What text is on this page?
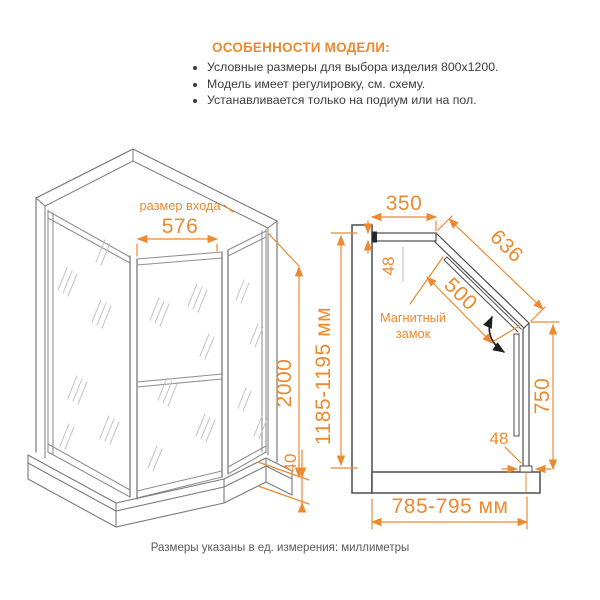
ОСОБЕННОСТИ МОДЕЛИ:
• Условные размеры для выбора изделия 800x1200.
• Модель имеет регулировку, см. схему.
• Устанавливается только на подиум или на пол.
размер входа
576
2000
40
350
48	636
500
Магнитный
замок
750
48
785-795 мм
1185-1195 мм
Размеры указаны в ед. измерения: миллиметры
